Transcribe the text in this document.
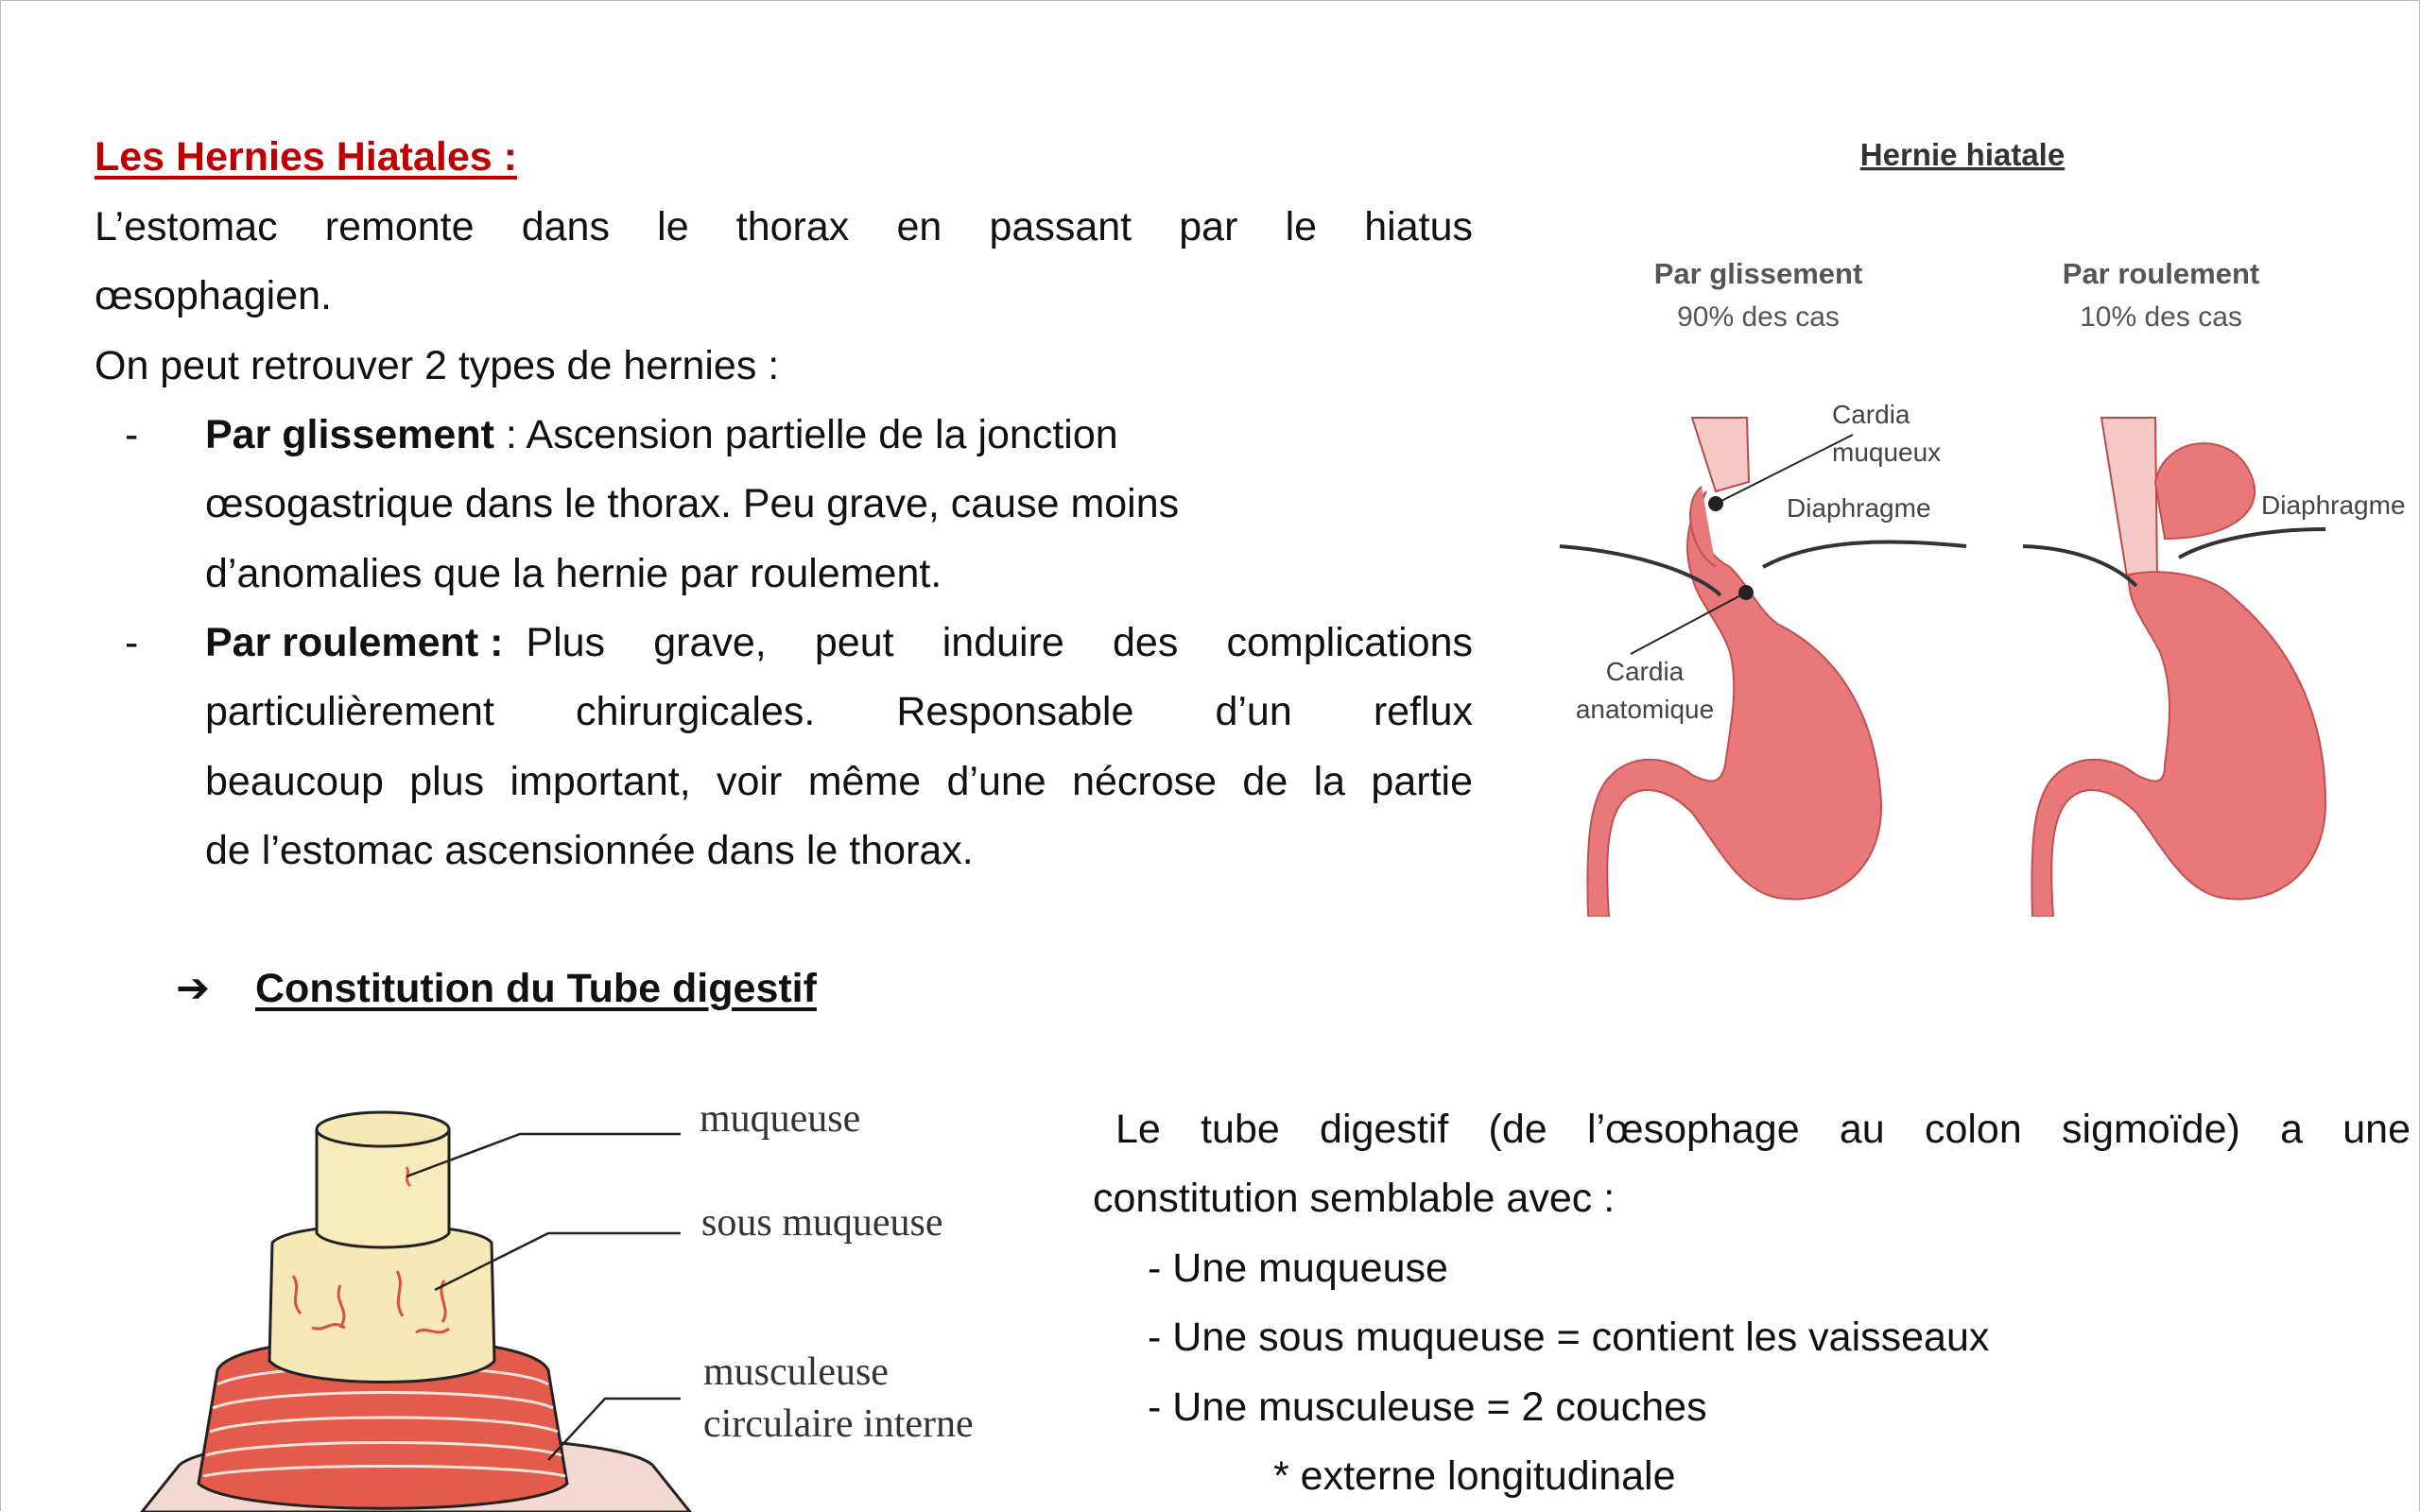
Les Hernies Hiatales :
L’estomac remonte dans le thorax en passant par le hiatus
œsophagien.
On peut retrouver 2 types de hernies :
- Par glissement : Ascension partielle de la jonction
œsogastrique dans le thorax. Peu grave, cause moins
d’anomalies que la hernie par roulement.
- Par roulement : Plus grave, peut induire des complications
particulièrement chirurgicales. Responsable d’un reflux
beaucoup plus important, voir même d’une nécrose de la partie
de l’estomac ascensionnée dans le thorax.
Hernie hiatale
Par glissement
90% des cas
Par roulement
10% des cas
Cardia
muqueux
Diaphragme
Cardia
anatomique
Diaphragme
➔ Constitution du Tube digestif
muqueuse
sous muqueuse
musculeuse
circulaire interne
Le tube digestif (de l’œsophage au colon sigmoïde) a une
constitution semblable avec :
- Une muqueuse
- Une sous muqueuse = contient les vaisseaux
- Une musculeuse = 2 couches
* externe longitudinale
